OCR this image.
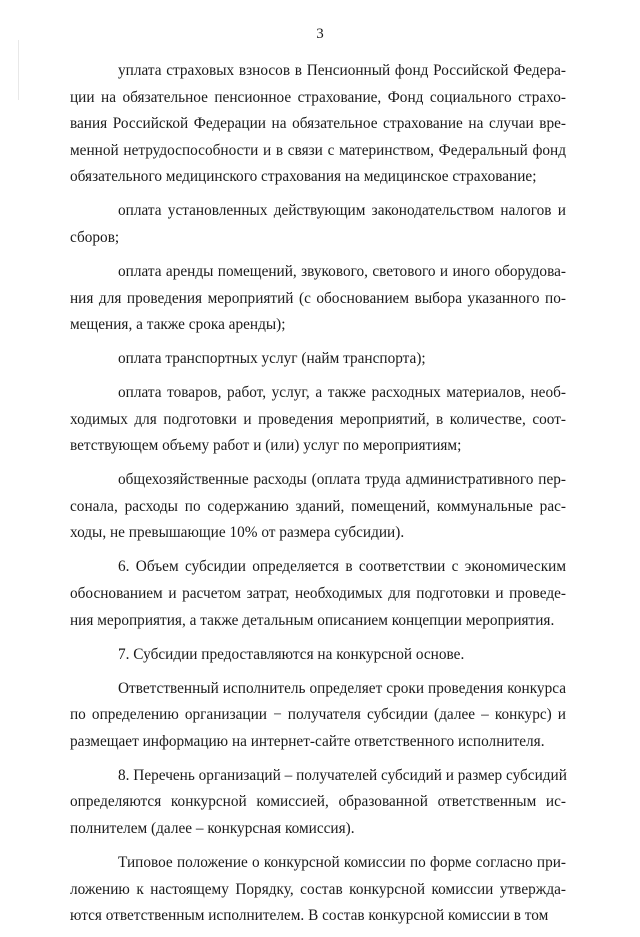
3
уплата страховых взносов в Пенсионный фонд Российской Федера-
ции на обязательное пенсионное страхование, Фонд социального страхо-
вания Российской Федерации на обязательное страхование на случаи вре-
менной нетрудоспособности и в связи с материнством, Федеральный фонд
обязательного медицинского страхования на медицинское страхование;
оплата установленных действующим законодательством налогов и
сборов;
оплата аренды помещений, звукового, светового и иного оборудова-
ния для проведения мероприятий (с обоснованием выбора указанного по-
мещения, а также срока аренды);
оплата транспортных услуг (найм транспорта);
оплата товаров, работ, услуг, а также расходных материалов, необ-
ходимых для подготовки и проведения мероприятий, в количестве, соот-
ветствующем объему работ и (или) услуг по мероприятиям;
общехозяйственные расходы (оплата труда административного пер-
сонала, расходы по содержанию зданий, помещений, коммунальные рас-
ходы, не превышающие 10% от размера субсидии).
6. Объем субсидии определяется в соответствии с экономическим
обоснованием и расчетом затрат, необходимых для подготовки и проведе-
ния мероприятия, а также детальным описанием концепции мероприятия.
7. Субсидии предоставляются на конкурсной основе.
Ответственный исполнитель определяет сроки проведения конкурса
по определению организации − получателя субсидии (далее – конкурс) и
размещает информацию на интернет-сайте ответственного исполнителя.
8. Перечень организаций – получателей субсидий и размер субсидий
определяются конкурсной комиссией, образованной ответственным ис-
полнителем (далее – конкурсная комиссия).
Типовое положение о конкурсной комиссии по форме согласно при-
ложению к настоящему Порядку, состав конкурсной комиссии утвержда-
ются ответственным исполнителем. В состав конкурсной комиссии в том
